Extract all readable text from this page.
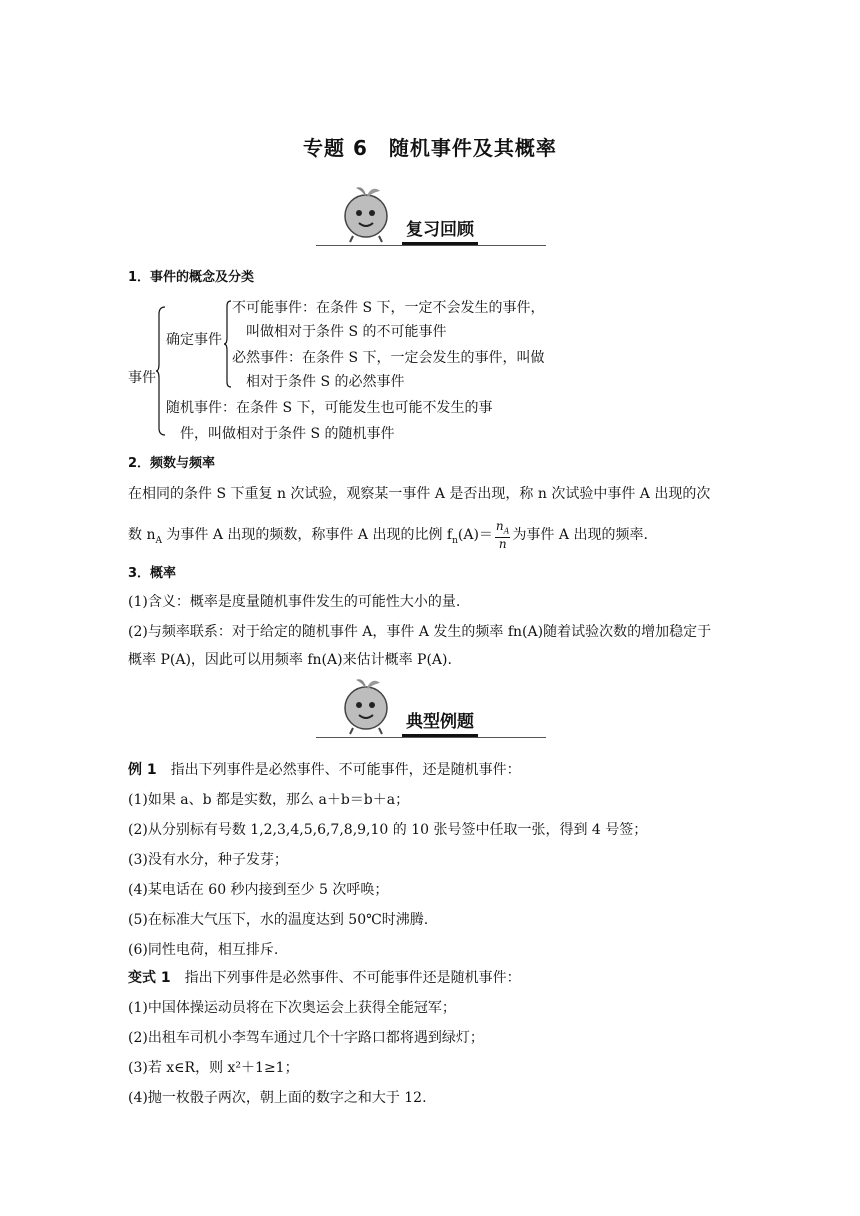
专题 6　随机事件及其概率
复习回顾
1．事件的概念及分类
事件
确定事件
不可能事件：在条件 S 下，一定不会发生的事件，
叫做相对于条件 S 的不可能事件
必然事件：在条件 S 下，一定会发生的事件，叫做
相对于条件 S 的必然事件
随机事件：在条件 S 下，可能发生也可能不发生的事
件，叫做相对于条件 S 的随机事件
2．频数与频率
在相同的条件 S 下重复 n 次试验，观察某一事件 A 是否出现，称 n 次试验中事件 A 出现的次
数 $n_A$ 为事件 A 出现的频数，称事件 A 出现的比例 $f_n(A)= \frac{n_A}{n}$ 为事件 A 出现的频率.
3．概率
(1)含义：概率是度量随机事件发生的可能性大小的量.
(2)与频率联系：对于给定的随机事件 A，事件 A 发生的频率 fn(A)随着试验次数的增加稳定于
概率 P(A)，因此可以用频率 fn(A)来估计概率 P(A).
典型例题
例 1　指出下列事件是必然事件、不可能事件，还是随机事件：
(1)如果 a、b 都是实数，那么 a＋b＝b＋a；
(2)从分别标有号数 1,2,3,4,5,6,7,8,9,10 的 10 张号签中任取一张，得到 4 号签；
(3)没有水分，种子发芽；
(4)某电话在 60 秒内接到至少 5 次呼唤；
(5)在标准大气压下，水的温度达到 50℃时沸腾.
(6)同性电荷，相互排斥.
变式 1　指出下列事件是必然事件、不可能事件还是随机事件：
(1)中国体操运动员将在下次奥运会上获得全能冠军；
(2)出租车司机小李驾车通过几个十字路口都将遇到绿灯；
(3)若 x∈R，则 x²＋1≥1；
(4)抛一枚骰子两次，朝上面的数字之和大于 12.
